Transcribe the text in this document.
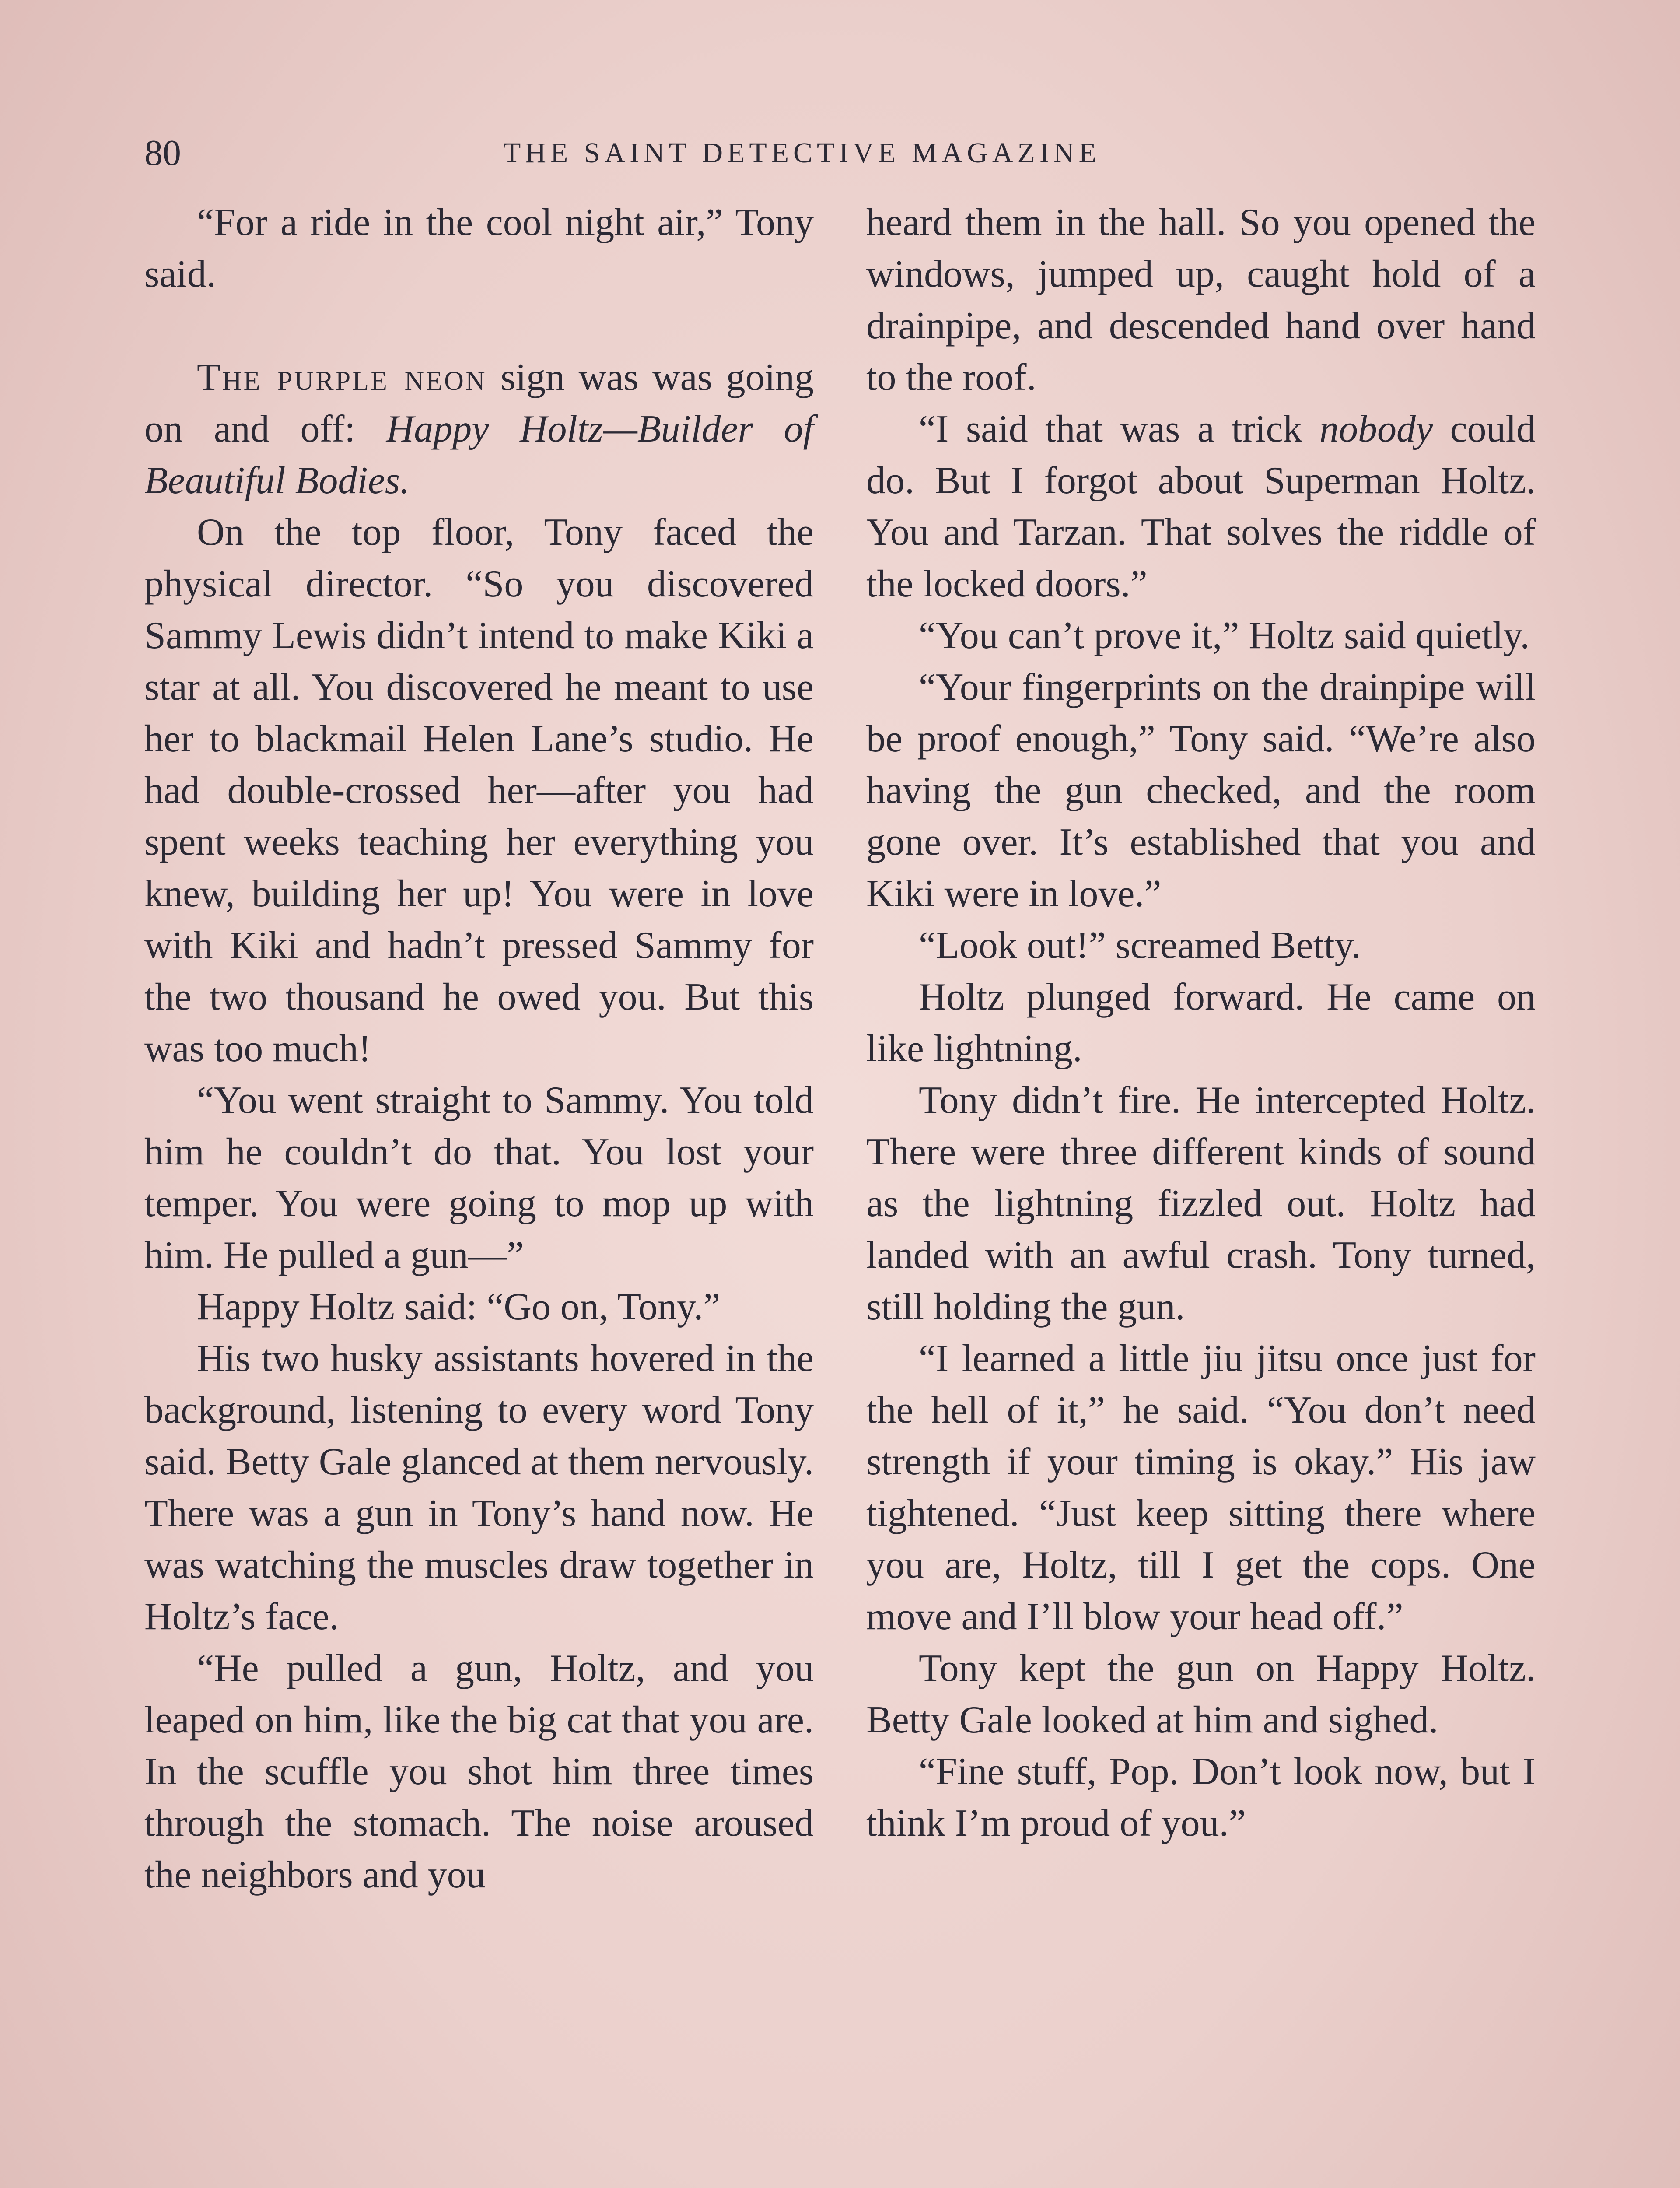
80	THE SAINT DETECTIVE MAGAZINE

“For a ride in the cool night air,” Tony said.

The purple neon sign was was going on and off: Happy Holtz—Builder of Beautiful Bodies.

On the top floor, Tony faced the physical director. “So you discovered Sammy Lewis didn’t intend to make Kiki a star at all. You discovered he meant to use her to blackmail Helen Lane’s studio. He had double-crossed her—after you had spent weeks teaching her everything you knew, building her up! You were in love with Kiki and hadn’t pressed Sammy for the two thousand he owed you. But this was too much!

“You went straight to Sammy. You told him he couldn’t do that. You lost your temper. You were going to mop up with him. He pulled a gun—”

Happy Holtz said: “Go on, Tony.”

His two husky assistants hovered in the background, listening to every word Tony said. Betty Gale glanced at them nervously. There was a gun in Tony’s hand now. He was watching the muscles draw together in Holtz’s face.

“He pulled a gun, Holtz, and you leaped on him, like the big cat that you are. In the scuffle you shot him three times through the stomach. The noise aroused the neighbors and you

heard them in the hall. So you opened the windows, jumped up, caught hold of a drainpipe, and descended hand over hand to the roof.

“I said that was a trick nobody could do. But I forgot about Superman Holtz. You and Tarzan. That solves the riddle of the locked doors.”

“You can’t prove it,” Holtz said quietly.

“Your fingerprints on the drainpipe will be proof enough,” Tony said. “We’re also having the gun checked, and the room gone over. It’s established that you and Kiki were in love.”

“Look out!” screamed Betty.

Holtz plunged forward. He came on like lightning.

Tony didn’t fire. He intercepted Holtz. There were three different kinds of sound as the lightning fizzled out. Holtz had landed with an awful crash. Tony turned, still holding the gun.

“I learned a little jiu jitsu once just for the hell of it,” he said. “You don’t need strength if your timing is okay.” His jaw tightened. “Just keep sitting there where you are, Holtz, till I get the cops. One move and I’ll blow your head off.”

Tony kept the gun on Happy Holtz. Betty Gale looked at him and sighed.

“Fine stuff, Pop. Don’t look now, but I think I’m proud of you.”
